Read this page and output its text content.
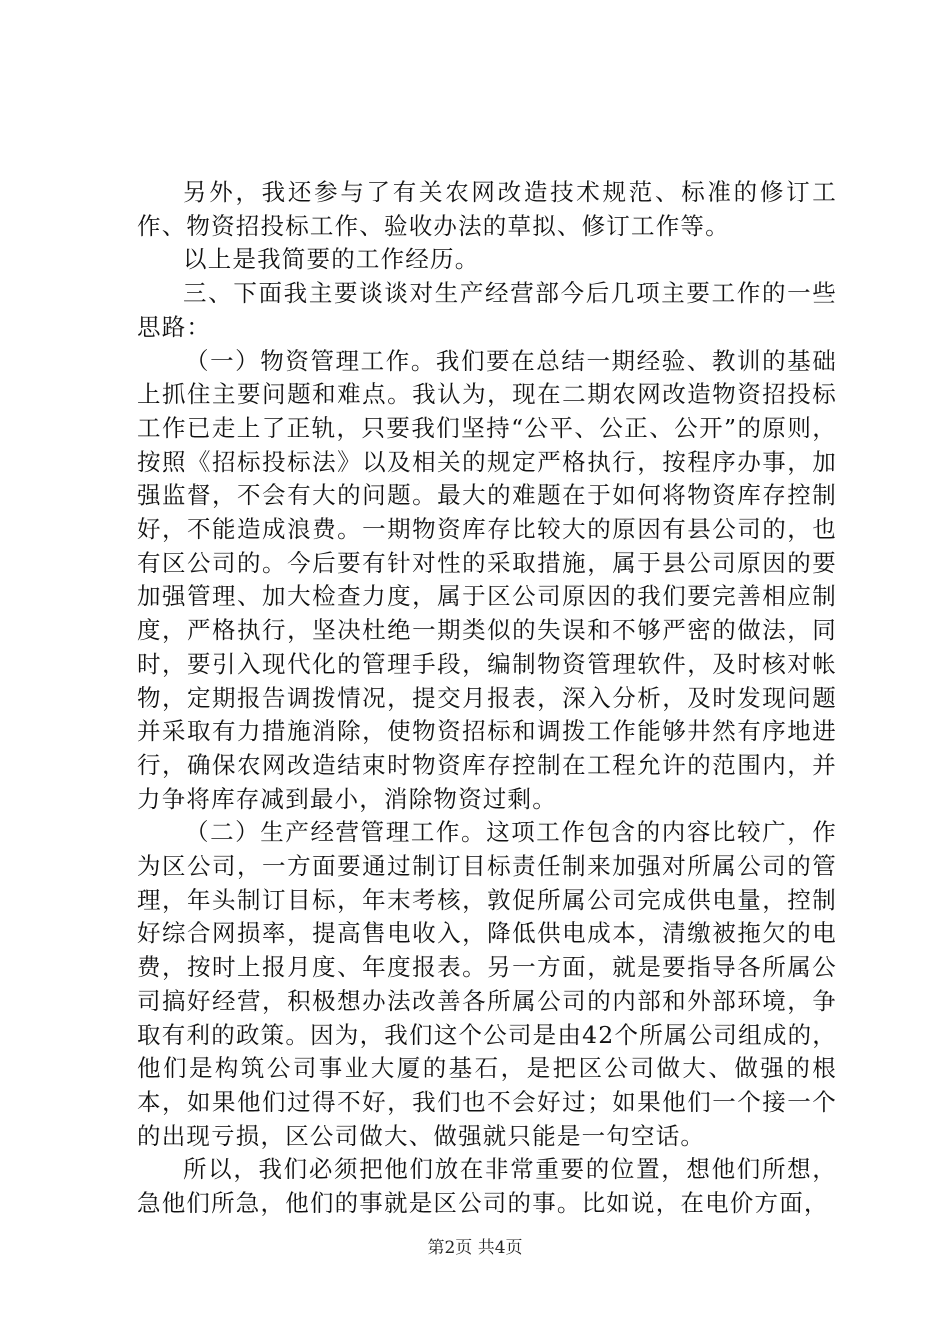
另外，我还参与了有关农网改造技术规范、标准的修订工作、物资招投标工作、验收办法的草拟、修订工作等。

以上是我简要的工作经历。

三、下面我主要谈谈对生产经营部今后几项主要工作的一些思路：

（一）物资管理工作。我们要在总结一期经验、教训的基础上抓住主要问题和难点。我认为，现在二期农网改造物资招投标工作已走上了正轨，只要我们坚持“公平、公正、公开”的原则，按照《招标投标法》以及相关的规定严格执行，按程序办事，加强监督，不会有大的问题。最大的难题在于如何将物资库存控制好，不能造成浪费。一期物资库存比较大的原因有县公司的，也有区公司的。今后要有针对性的采取措施，属于县公司原因的要加强管理、加大检查力度，属于区公司原因的我们要完善相应制度，严格执行，坚决杜绝一期类似的失误和不够严密的做法，同时，要引入现代化的管理手段，编制物资管理软件，及时核对帐物，定期报告调拨情况，提交月报表，深入分析，及时发现问题并采取有力措施消除，使物资招标和调拨工作能够井然有序地进行，确保农网改造结束时物资库存控制在工程允许的范围内，并力争将库存减到最小，消除物资过剩。

（二）生产经营管理工作。这项工作包含的内容比较广，作为区公司，一方面要通过制订目标责任制来加强对所属公司的管理，年头制订目标，年末考核，敦促所属公司完成供电量，控制好综合网损率，提高售电收入，降低供电成本，清缴被拖欠的电费，按时上报月度、年度报表。另一方面，就是要指导各所属公司搞好经营，积极想办法改善各所属公司的内部和外部环境，争取有利的政策。因为，我们这个公司是由42个所属公司组成的，他们是构筑公司事业大厦的基石，是把区公司做大、做强的根本，如果他们过得不好，我们也不会好过；如果他们一个接一个的出现亏损，区公司做大、做强就只能是一句空话。

所以，我们必须把他们放在非常重要的位置，想他们所想，急他们所急，他们的事就是区公司的事。比如说，在电价方面，

第2页 共4页
